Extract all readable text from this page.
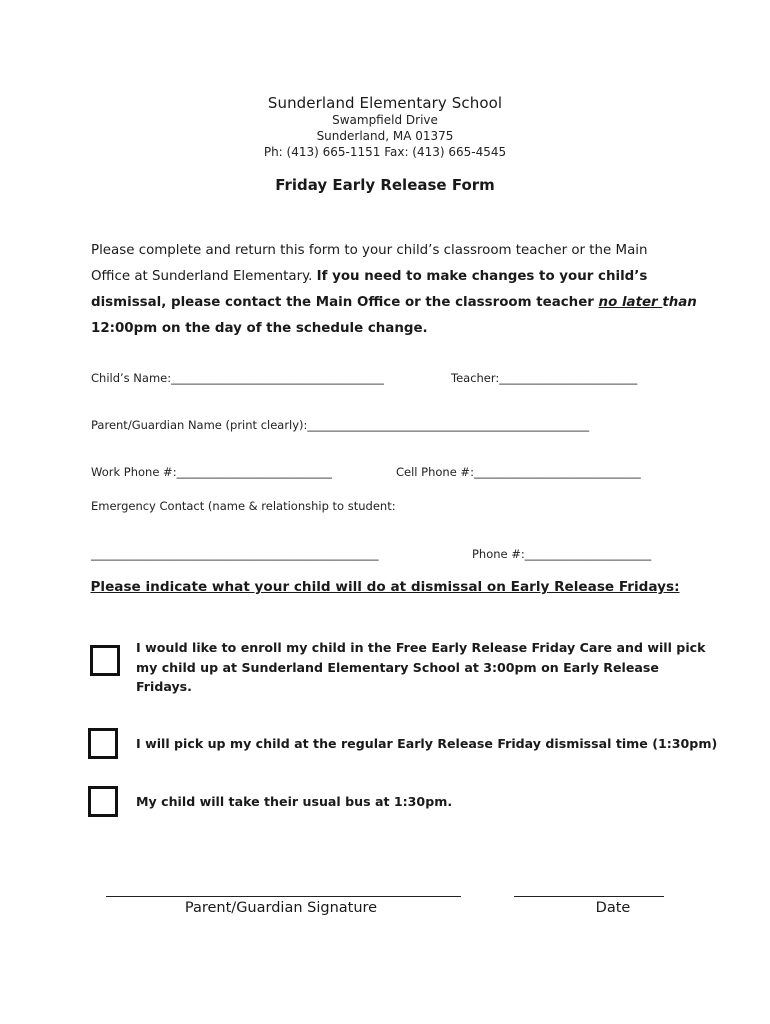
Sunderland Elementary School
Swampfield Drive
Sunderland, MA 01375
Ph: (413) 665-1151 Fax: (413) 665-4545
Friday Early Release Form
Please complete and return this form to your child’s classroom teacher or the Main
Office at Sunderland Elementary. If you need to make changes to your child’s
dismissal, please contact the Main Office or the classroom teacher no later than
12:00pm on the day of the schedule change.
Child’s Name:_____________________________________	Teacher:________________________
Parent/Guardian Name (print clearly):_________________________________________________
Work Phone #:___________________________	Cell Phone #:_____________________________
Emergency Contact (name & relationship to student:
__________________________________________________	Phone #:______________________
Please indicate what your child will do at dismissal on Early Release Fridays:
I would like to enroll my child in the Free Early Release Friday Care and will pick
my child up at Sunderland Elementary School at 3:00pm on Early Release
Fridays.
I will pick up my child at the regular Early Release Friday dismissal time (1:30pm)
My child will take their usual bus at 1:30pm.
Parent/Guardian Signature	Date
